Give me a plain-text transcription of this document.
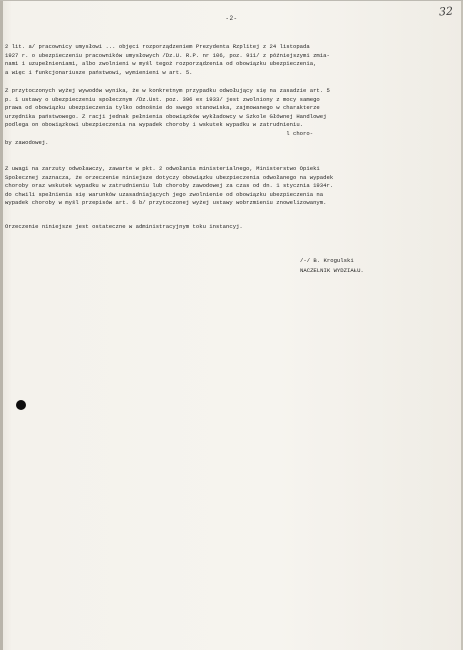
-2-
32
2 lit. a/ pracownicy umysłowi ... objęci rozporządzeniem Prezydenta Rzplitej z 24 listopada
1927 r. o ubezpieczeniu pracowników umysłowych /Dz.U. R.P. nr 106, poz. 911/ z późniejszymi zmia-
nami i uzupełnieniami, albo zwolnieni w myśl tegoż rozporządzenia od obowiązku ubezpieczenia,
a więc i funkcjonariusze państwowi, wymienieni w art. 5.
Z przytoczonych wyżej wywodów wynika, że w konkretnym przypadku odwołujący się na zasadzie art. 5
p. 1 ustawy o ubezpieczeniu społecznym /Dz.Ust. poz. 396 ex 1933/ jest zwolniony z mocy samego
prawa od obowiązku ubezpieczenia tylko odnośnie do swego stanowiska, zajmowanego w charakterze
urzędnika państwowego. Z racji jednak pełnienia obowiązków wykładowcy w Szkole Głównej Handlowej
podlega on obowiązkowi ubezpieczenia na wypadek choroby i wskutek wypadku w zatrudnieniu.
l choro-
by zawodowej.
Z uwagi na zarzuty odwoławczy, zawarte w pkt. 2 odwołania ministerialnego, Ministerstwo Opieki
Społecznej zaznacza, że orzeczenie niniejsze dotyczy obowiązku ubezpieczenia odwołanego na wypadek
choroby oraz wskutek wypadku w zatrudnieniu lub choroby zawodowej za czas od dn. 1 stycznia 1934r.
do chwili spełnienia się warunków uzasadniających jego zwolnienie od obowiązku ubezpieczenia na
wypadek choroby w myśl przepisów art. 6 b/ przytoczonej wyżej ustawy wobrzmieniu znowelizowanym.
Orzeczenie niniejsze jest ostateczne w administracyjnym toku instancyj.
/-/ B. Krogulski
NACZELNIK WYDZIAŁU.
